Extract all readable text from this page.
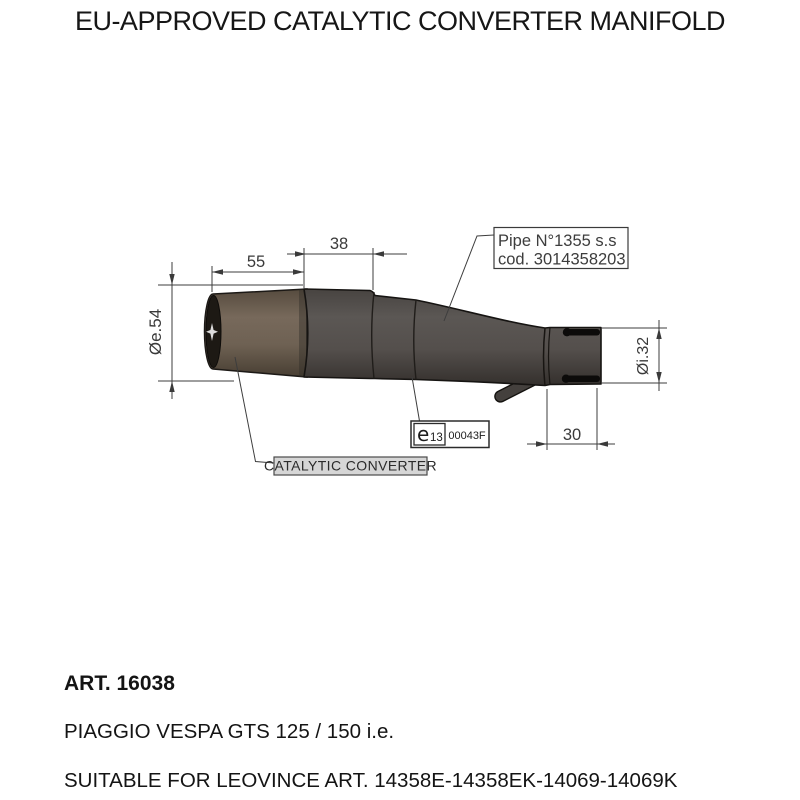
EU-APPROVED CATALYTIC CONVERTER MANIFOLD
55
38
Øe.54
Øi.32
30
Pipe N°1355 s.s
cod. 3014358203
e 13 00043F
CATALYTIC CONVERTER
ART. 16038
PIAGGIO VESPA GTS 125 / 150 i.e.
SUITABLE FOR LEOVINCE ART. 14358E-14358EK-14069-14069K
